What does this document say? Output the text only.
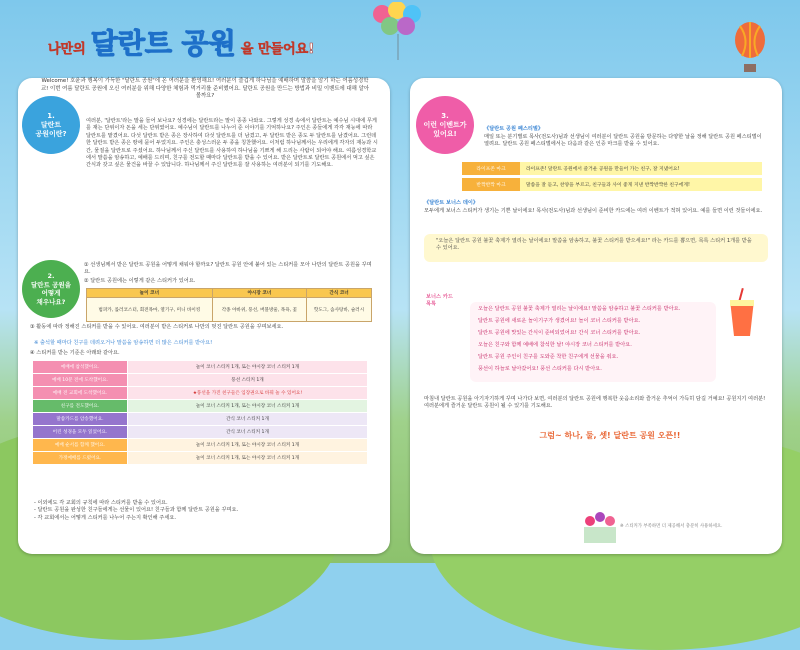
나만의 달란트 공원 을 만들어요!
Welcome! 호윤과 행복이 가득한 "달란트 공원"에 온 여러분을 환영해요! 여러분이 즐겁게 하나님을 예배하며 말씀을 암기 하는 여름성경학교! 이번 여름 달란트 공원에 오신 여러분을 위해 다양한 체험과 먹거리를 준비했어요. 달란트 공원을 만드는 방법과 비밀 이벤트에 대해 알아볼까요?
1.
달란트
공원이란?
여러분, '달란트'라는 말을 들어 보나요? 성경에는 달란트라는 말이 종종 나와요. 그렇게 성경 속에서 달란트는 예수님 시대에 무게를 재는 단위이자 돈을 세는 단위였어요. 예수님이 달란트를 나누어 준 이야기를 기억하나요? 주인은 종들에게 각각 재능에 따라 달란트를 맡겼어요. 다섯 달란트 받은 종은 장사하여 다섯 달란트를 더 남겼고, 두 달란트 받은 종도 두 달란트를 남겼어요. 그런데 한 달란트 받은 종은 땅에 묻어 두었지요. 주인은 충성스러운 두 종을 칭찬했어요. 이처럼 하나님께서는 우리에게 각자의 재능과 시간, 물질을 달란트로 주셨어요. 하나님께서 주신 달란트를 사용하여 하나님을 기쁘게 해 드리는 사람이 되어야 해요. 여름성경학교에서 말씀을 암송하고, 예배를 드리며, 친구를 전도할 때마다 달란트를 받을 수 있어요. 받은 달란트로 달란트 공원에서 먹고 싶은 간식과 갖고 싶은 물건을 바꿀 수 있답니다. 하나님께서 주신 달란트를 잘 사용하는 여러분이 되기를 기도해요.
2.
달란트 공원을
어떻게
채우나요?
① 선생님께서 받은 달란트 공원을 어떻게 채워야 할까요? 달란트 공원 안에 붙어 있는 스티커를 모아 나만의 달란트 공원을 꾸며요.
② 달란트 공원에는 이렇게 같은 스티커가 있어요.
놀이 코너	야시장 코너	간식 코너
범퍼카, 롤러코스터, 회전목마, 열기구, 미니 바이킹	각종 야바위, 풍선, 버블방울, 목욕, 꽃	핫도그, 솜사탕바, 슬러시
③ 활동에 따라 정해진 스티커를 받을 수 있어요. 여러분이 받은 스티커로 나만의 멋진 달란트 공원을 꾸며보세요.
※ 출석할 때마다 친구를 데려오거나 말씀을 암송하면 더 많은 스티커를 받아요!
④ 스티커를 받는 기준은 아래와 같아요.
예배에 참석했어요.	놀이 코너 스티커 1개, 또는 야시장 코너 스티커 1개
예배 10분 전에 도착했어요.	풍선 스티커 1개
예배 전 교회에 도착했어요.	★풍선을 가진 친구들은 입장권으로 바꿔 놀 수 있어요!
친구를 전도했어요.	놀이 코너 스티커 1개, 또는 야시장 코너 스티커 1개
말씀카드를 암송했어요.	간식 코너 스티커 1개
어린 성경을 모두 읽었어요.	간식 코너 스티커 1개
예배 순서를 함께 했어요.	놀이 코너 스티커 1개, 또는 야시장 코너 스티커 1개
가정예배를 드렸어요.	놀이 코너 스티커 1개, 또는 야시장 코너 스티커 1개
- 이외에도 각 교회의 규칙에 따라 스티커를 받을 수 있어요.
- 달란트 공원을 완성한 친구들에게는 선물이 있어요! 친구들과 함께 달란트 공원을 꾸며요.
- 각 교회에서는 어떻게 스티커를 나누어 주는지 확인해 주세요.
3.
이런 이벤트가
있어요!
《달란트 공원 페스티벌》
매일 또는 분기별로 목사(전도사)님과 선생님이 여러분이 달란트 공원을 방문하는 다양한 날을 정해 달란트 공원 페스티벌이 열려요. 달란트 공원 페스티벌에서는 다음과 같은 인증 마크를 받을 수 있어요.
라이프존 마크	라이프존! 달란트 공원에서 즐거운 공원을 만들어 가는 친구, 잘 지냈어요!
반짝반짝 마크	말씀을 잘 듣고, 찬양을 부르고, 친구들과 사이 좋게 지낸 반짝반짝한 친구에게!
《달란트 보너스 데이》
모두에게 보너스 스티커가 생기는 기쁜 날이에요! 목사(전도사)님과 선생님이 준비한 카드에는 여러 이벤트가 적혀 있어요. 예를 들면 이런 것들이에요.
"오늘은 달란트 공원 불꽃 축제가 열리는 날이에요! 말씀을 암송하고, 불꽃 스티커를 받으세요!" 라는 카드를 뽑으면, 목록 스티커 1개를 받을 수 있어요.
보너스 카드
목록
오늘은 달란트 공원 불꽃 축제가 열리는 날이에요! 말씀을 암송하고 불꽃 스티커를 받아요.
달란트 공원에 새로운 놀이기구가 생겼어요! 놀이 코너 스티커를 받아요.
달란트 공원에 맛있는 간식이 준비되었어요! 간식 코너 스티커를 받아요.
오늘은 친구와 함께 예배에 참석한 날! 야시장 코너 스티커를 받아요.
달란트 공원 주인이 친구를 도와준 착한 친구에게 선물을 줘요.
풍선이 하늘로 날아갔어요! 풍선 스티커를 다시 받아요.
마침내 달란트 공원을 아기자기하게 꾸며 나가다 보면, 여러분의 달란트 공원에 행복한 웃음소리와 즐거운 추억이 가득히 담길 거예요! 공원지기 여러분! 여러분에게 즐거운 달란트 공원이 될 수 있기를 기도해요.
그럼~ 하나, 둘, 셋! 달란트 공원 오픈!!
※ 스티커가 부족하면 더 제공해서 충분히 사용하세요.
